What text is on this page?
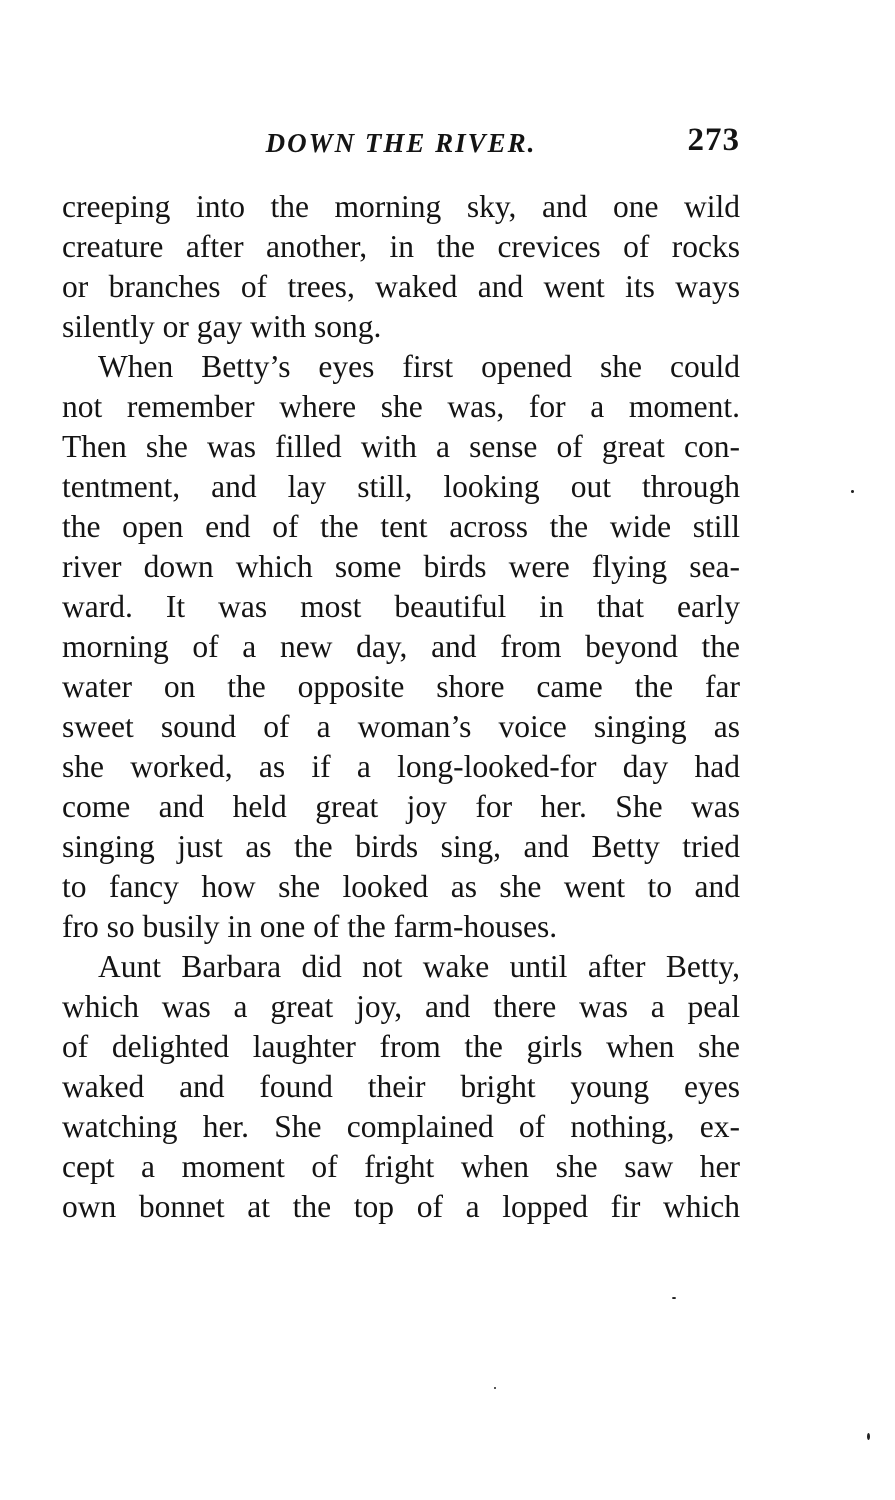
DOWN THE RIVER.	273
creeping into the morning sky, and one wild
creature after another, in the crevices of rocks
or branches of trees, waked and went its ways
silently or gay with song.
When Betty’s eyes first opened she could
not remember where she was, for a moment.
Then she was filled with a sense of great con-
tentment, and lay still, looking out through
the open end of the tent across the wide still
river down which some birds were flying sea-
ward. It was most beautiful in that early
morning of a new day, and from beyond the
water on the opposite shore came the far
sweet sound of a woman’s voice singing as
she worked, as if a long-looked-for day had
come and held great joy for her. She was
singing just as the birds sing, and Betty tried
to fancy how she looked as she went to and
fro so busily in one of the farm-houses.
Aunt Barbara did not wake until after Betty,
which was a great joy, and there was a peal
of delighted laughter from the girls when she
waked and found their bright young eyes
watching her. She complained of nothing, ex-
cept a moment of fright when she saw her
own bonnet at the top of a lopped fir which
